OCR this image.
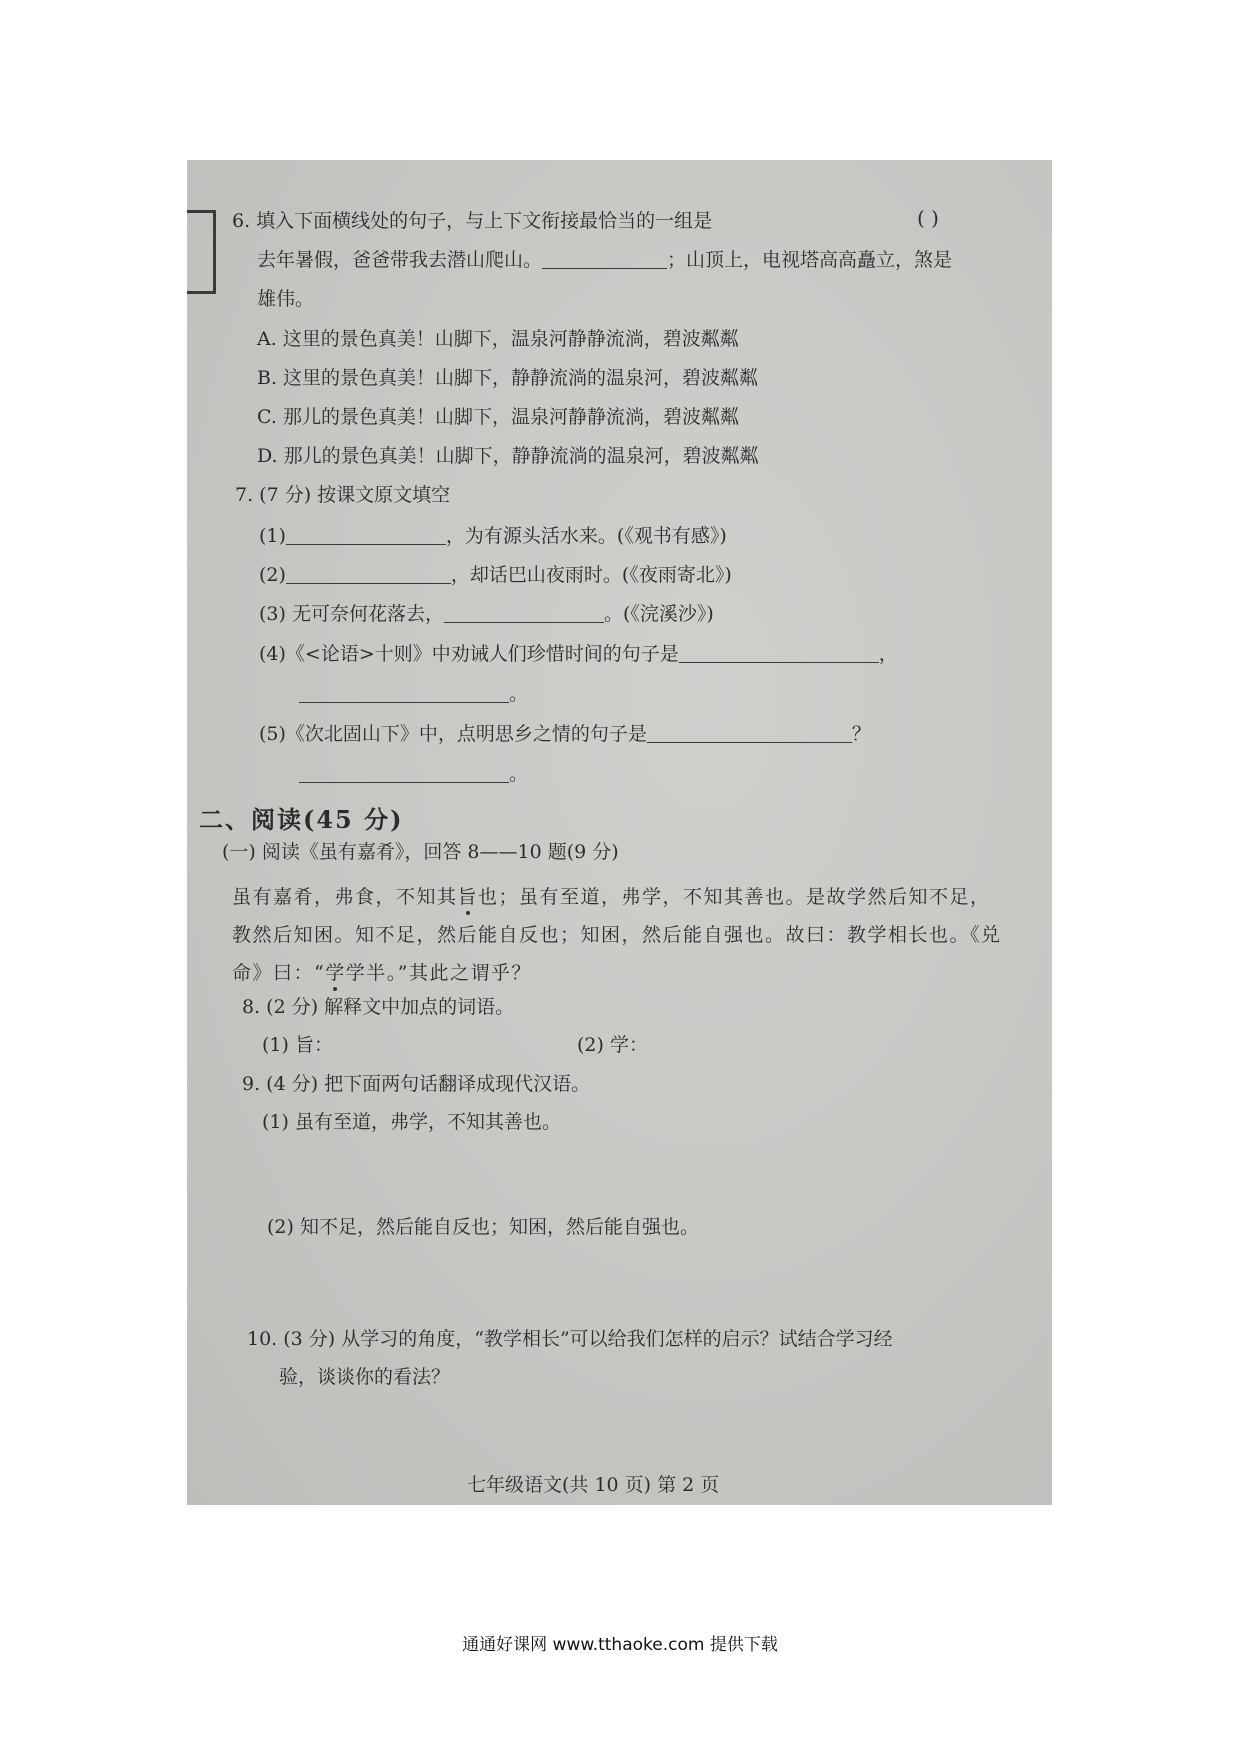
6. 填入下面横线处的句子，与上下文衔接最恰当的一组是	( )
去年暑假，爸爸带我去潜山爬山。	；山顶上，电视塔高高矗立，煞是
雄伟。
A. 这里的景色真美！山脚下，温泉河静静流淌，碧波粼粼
B. 这里的景色真美！山脚下，静静流淌的温泉河，碧波粼粼
C. 那儿的景色真美！山脚下，温泉河静静流淌，碧波粼粼
D. 那儿的景色真美！山脚下，静静流淌的温泉河，碧波粼粼
7. (7 分) 按课文原文填空
(1)	，为有源头活水来。(《观书有感》)
(2)	，却话巴山夜雨时。(《夜雨寄北》)
(3) 无可奈何花落去，	。(《浣溪沙》)
(4)《<论语>十则》中劝诫人们珍惜时间的句子是	，
。
(5)《次北固山下》中，点明思乡之情的句子是	？
。
二、阅读(45 分)
(一) 阅读《虽有嘉肴》，回答 8——10 题(9 分)
虽有嘉肴，弗食，不知其旨也；虽有至道，弗学，不知其善也。是故学然后知不足，
教然后知困。知不足，然后能自反也；知困，然后能自强也。故曰：教学相长也。《兑
命》曰：“学学半。”其此之谓乎？
8. (2 分) 解释文中加点的词语。
(1) 旨：	(2) 学：
9. (4 分) 把下面两句话翻译成现代汉语。
(1) 虽有至道，弗学，不知其善也。
(2) 知不足，然后能自反也；知困，然后能自强也。
10. (3 分) 从学习的角度，“教学相长”可以给我们怎样的启示？试结合学习经
验，谈谈你的看法？
七年级语文(共 10 页) 第 2 页
通通好课网 www.tthaoke.com 提供下载
